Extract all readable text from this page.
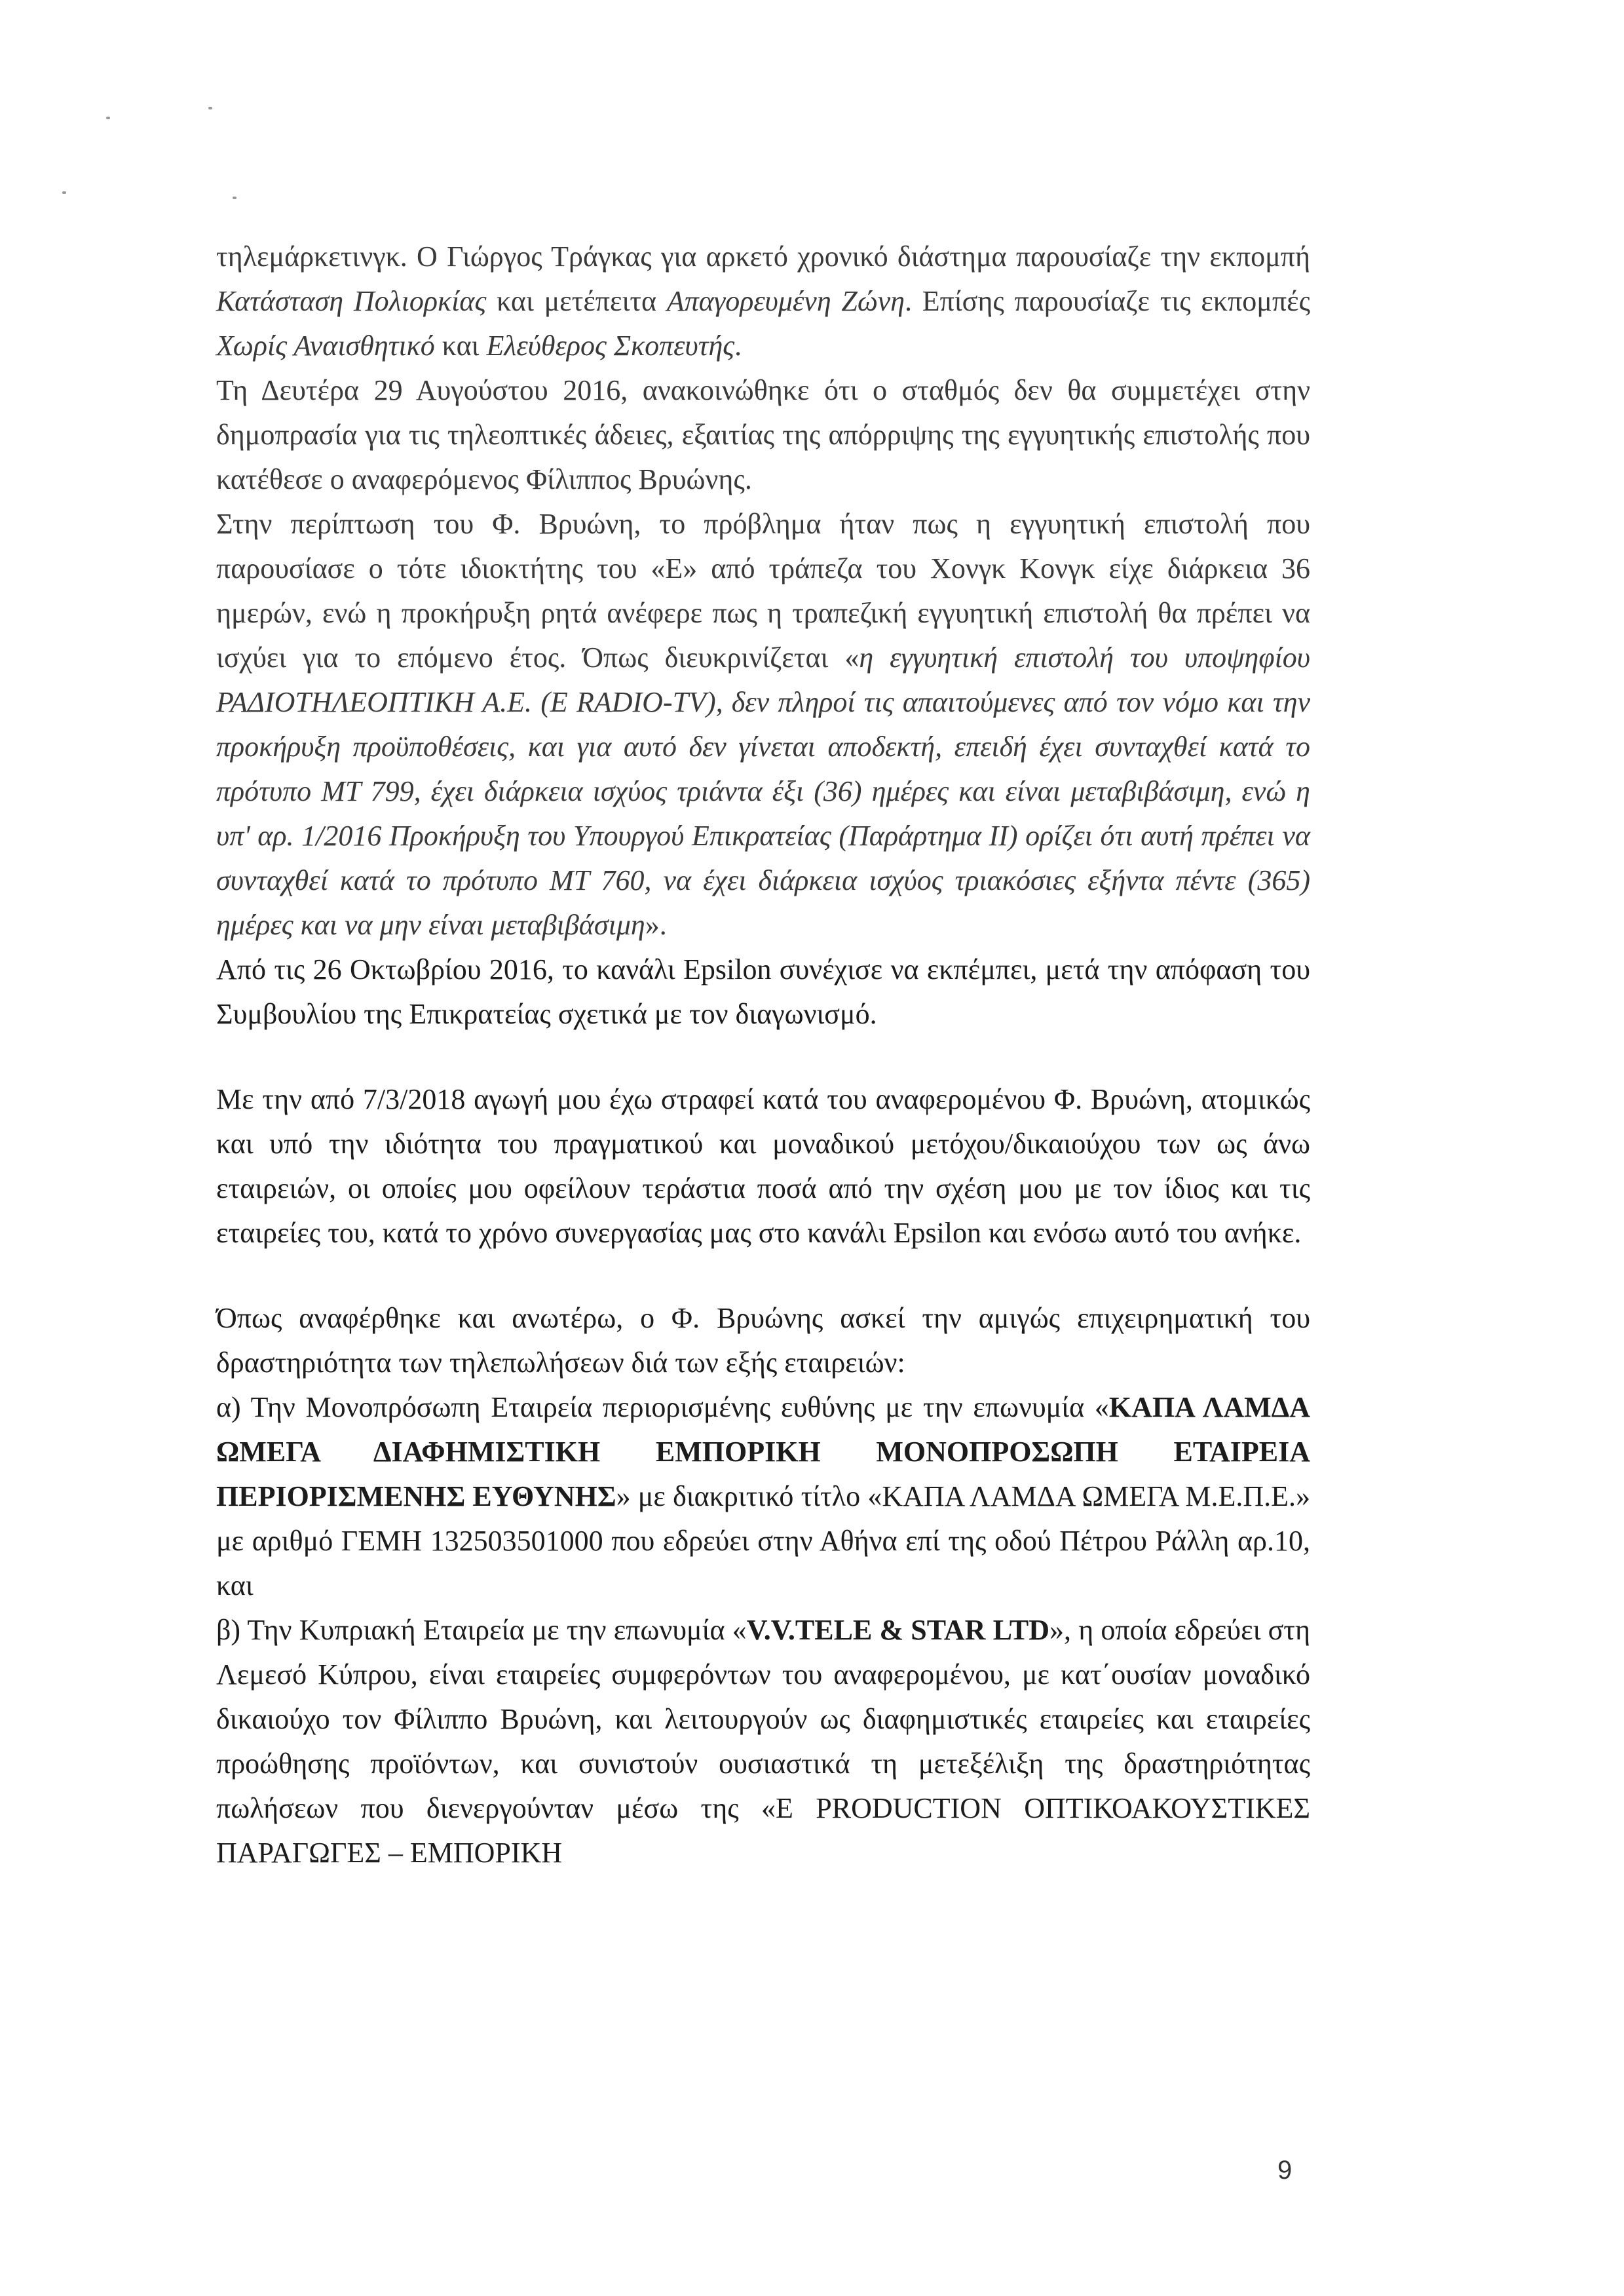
τηλεμάρκετινγκ. Ο Γιώργος Τράγκας για αρκετό χρονικό διάστημα παρουσίαζε την εκπομπή Κατάσταση Πολιορκίας και μετέπειτα Απαγορευμένη Ζώνη. Επίσης παρουσίαζε τις εκπομπές Χωρίς Αναισθητικό και Ελεύθερος Σκοπευτής.

Τη Δευτέρα 29 Αυγούστου 2016, ανακοινώθηκε ότι ο σταθμός δεν θα συμμετέχει στην δημοπρασία για τις τηλεοπτικές άδειες, εξαιτίας της απόρριψης της εγγυητικής επιστολής που κατέθεσε ο αναφερόμενος Φίλιππος Βρυώνης.

Στην περίπτωση του Φ. Βρυώνη, το πρόβλημα ήταν πως η εγγυητική επιστολή που παρουσίασε ο τότε ιδιοκτήτης του «Ε» από τράπεζα του Χονγκ Κονγκ είχε διάρκεια 36 ημερών, ενώ η προκήρυξη ρητά ανέφερε πως η τραπεζική εγγυητική επιστολή θα πρέπει να ισχύει για το επόμενο έτος. Όπως διευκρινίζεται «η εγγυητική επιστολή του υποψηφίου ΡΑΔΙΟΤΗΛΕΟΠΤΙΚΗ Α.Ε. (E RADIO-TV), δεν πληροί τις απαιτούμενες από τον νόμο και την προκήρυξη προϋποθέσεις, και για αυτό δεν γίνεται αποδεκτή, επειδή έχει συνταχθεί κατά το πρότυπο ΜΤ 799, έχει διάρκεια ισχύος τριάντα έξι (36) ημέρες και είναι μεταβιβάσιμη, ενώ η υπ' αρ. 1/2016 Προκήρυξη του Υπουργού Επικρατείας (Παράρτημα ΙΙ) ορίζει ότι αυτή πρέπει να συνταχθεί κατά το πρότυπο ΜΤ 760, να έχει διάρκεια ισχύος τριακόσιες εξήντα πέντε (365) ημέρες και να μην είναι μεταβιβάσιμη».

Από τις 26 Οκτωβρίου 2016, το κανάλι Epsilon συνέχισε να εκπέμπει, μετά την απόφαση του Συμβουλίου της Επικρατείας σχετικά με τον διαγωνισμό.

Με την από 7/3/2018 αγωγή μου έχω στραφεί κατά του αναφερομένου Φ. Βρυώνη, ατομικώς και υπό την ιδιότητα του πραγματικού και μοναδικού μετόχου/δικαιούχου των ως άνω εταιρειών, οι οποίες μου οφείλουν τεράστια ποσά από την σχέση μου με τον ίδιος και τις εταιρείες του, κατά το χρόνο συνεργασίας μας στο κανάλι Epsilon και ενόσω αυτό του ανήκε.

Όπως αναφέρθηκε και ανωτέρω, ο Φ. Βρυώνης ασκεί την αμιγώς επιχειρηματική του δραστηριότητα των τηλεπωλήσεων διά των εξής εταιρειών:

α) Την Μονοπρόσωπη Εταιρεία περιορισμένης ευθύνης με την επωνυμία «ΚΑΠΑ ΛΑΜΔΑ ΩΜΕΓΑ ΔΙΑΦΗΜΙΣΤΙΚΗ ΕΜΠΟΡΙΚΗ ΜΟΝΟΠΡΟΣΩΠΗ ΕΤΑΙΡΕΙΑ ΠΕΡΙΟΡΙΣΜΕΝΗΣ ΕΥΘΥΝΗΣ» με διακριτικό τίτλο «ΚΑΠΑ ΛΑΜΔΑ ΩΜΕΓΑ Μ.Ε.Π.Ε.» με αριθμό ΓΕΜΗ 132503501000 που εδρεύει στην Αθήνα επί της οδού Πέτρου Ράλλη αρ.10, και

β) Την Κυπριακή Εταιρεία με την επωνυμία «V.V.TELE & STAR LTD», η οποία εδρεύει στη Λεμεσό Κύπρου, είναι εταιρείες συμφερόντων του αναφερομένου, με κατ΄ουσίαν μοναδικό δικαιούχο τον Φίλιππο Βρυώνη, και λειτουργούν ως διαφημιστικές εταιρείες και εταιρείες προώθησης προϊόντων, και συνιστούν ουσιαστικά τη μετεξέλιξη της δραστηριότητας πωλήσεων που διενεργούνταν μέσω της «Ε PRODUCTION ΟΠΤΙΚΟΑΚΟΥΣΤΙΚΕΣ ΠΑΡΑΓΩΓΕΣ – ΕΜΠΟΡΙΚΗ

9
